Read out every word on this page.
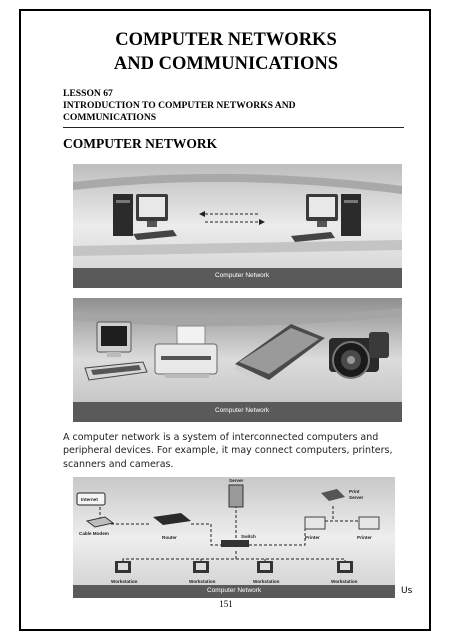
COMPUTER NETWORKS
AND COMMUNICATIONS
LESSON 67
INTRODUCTION TO COMPUTER NETWORKS AND
COMMUNICATIONS
COMPUTER NETWORK
Computer Network
Computer Network
A computer network is a system of interconnected computers and peripheral devices. For example, it may connect computers, printers, scanners and cameras.
Internet
Cable Modem
Router
Server
Switch
Print
Server
Printer	Printer
Workstation	Workstation	Workstation	Workstation
Computer Network	Us
151
